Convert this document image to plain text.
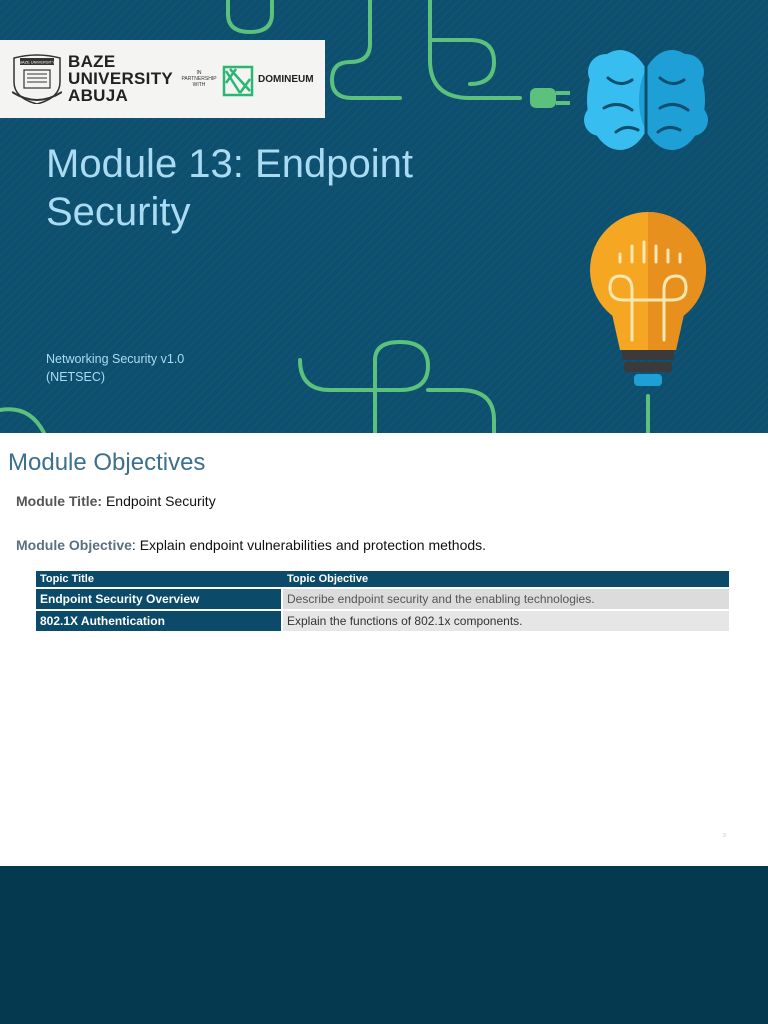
BAZE UNIVERSITY BAZE
UNIVERSITY
ABUJA
IN
PARTNERSHIP
WITH	DOMINEUM
Module 13: Endpoint Security
Networking Security v1.0
(NETSEC)
Module Objectives
Module Title: Endpoint Security
Module Objective: Explain endpoint vulnerabilities and protection methods.
Topic Title	Topic Objective
Endpoint Security Overview	Describe endpoint security and the enabling technologies.
802.1X Authentication	Explain the functions of 802.1x components.
3
